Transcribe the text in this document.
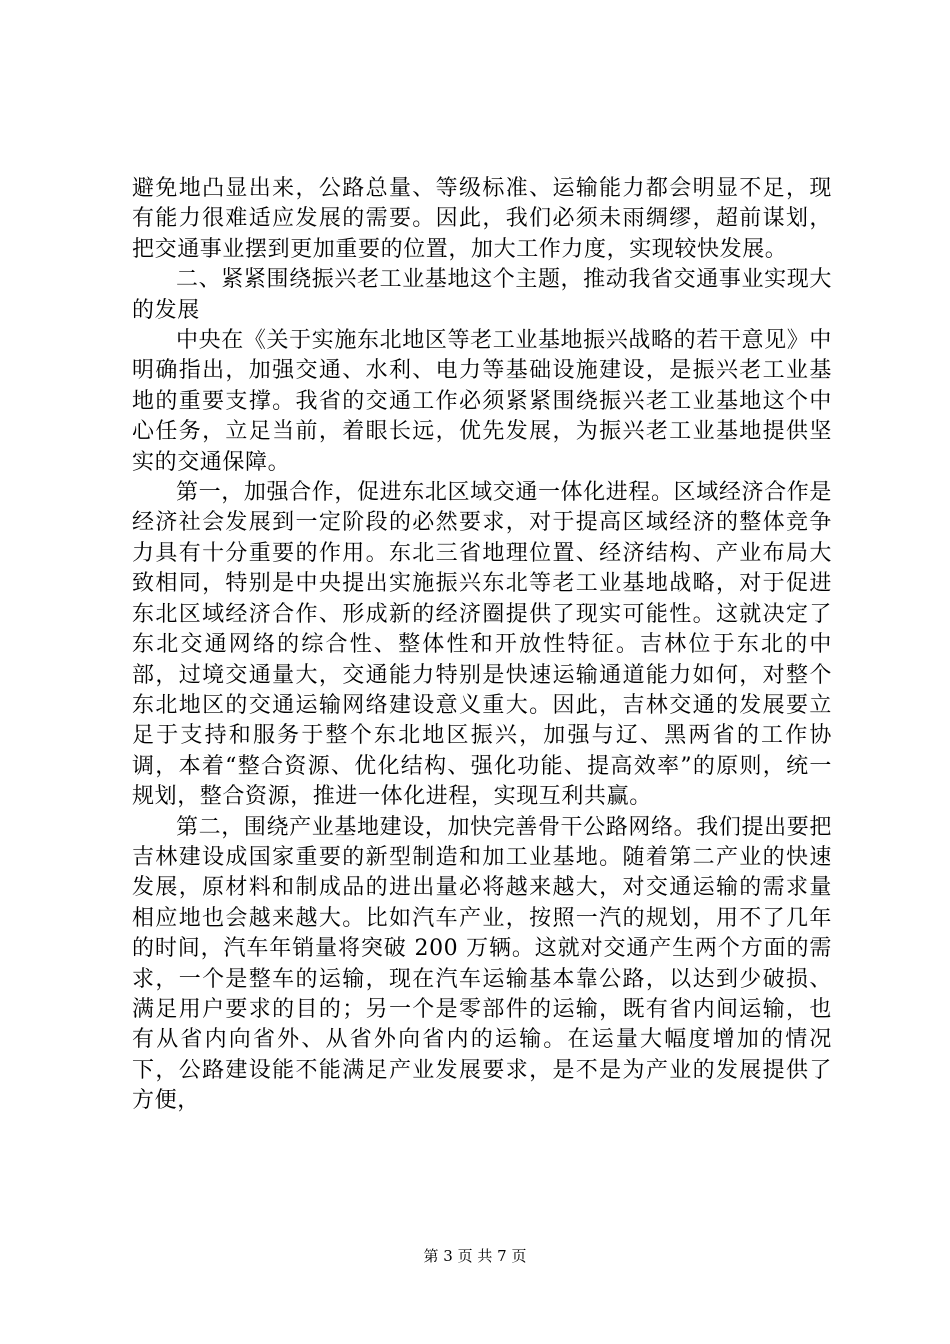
避免地凸显出来，公路总量、等级标准、运输能力都会明显不足，现有能力很难适应发展的需要。因此，我们必须未雨绸缪，超前谋划，把交通事业摆到更加重要的位置，加大工作力度，实现较快发展。

二、紧紧围绕振兴老工业基地这个主题，推动我省交通事业实现大的发展

中央在《关于实施东北地区等老工业基地振兴战略的若干意见》中明确指出，加强交通、水利、电力等基础设施建设，是振兴老工业基地的重要支撑。我省的交通工作必须紧紧围绕振兴老工业基地这个中心任务，立足当前，着眼长远，优先发展，为振兴老工业基地提供坚实的交通保障。

第一，加强合作，促进东北区域交通一体化进程。区域经济合作是经济社会发展到一定阶段的必然要求，对于提高区域经济的整体竞争力具有十分重要的作用。东北三省地理位置、经济结构、产业布局大致相同，特别是中央提出实施振兴东北等老工业基地战略，对于促进东北区域经济合作、形成新的经济圈提供了现实可能性。这就决定了东北交通网络的综合性、整体性和开放性特征。吉林位于东北的中部，过境交通量大，交通能力特别是快速运输通道能力如何，对整个东北地区的交通运输网络建设意义重大。因此，吉林交通的发展要立足于支持和服务于整个东北地区振兴，加强与辽、黑两省的工作协调，本着“整合资源、优化结构、强化功能、提高效率”的原则，统一规划，整合资源，推进一体化进程，实现互利共赢。

第二，围绕产业基地建设，加快完善骨干公路网络。我们提出要把吉林建设成国家重要的新型制造和加工业基地。随着第二产业的快速发展，原材料和制成品的进出量必将越来越大，对交通运输的需求量相应地也会越来越大。比如汽车产业，按照一汽的规划，用不了几年的时间，汽车年销量将突破 200 万辆。这就对交通产生两个方面的需求，一个是整车的运输，现在汽车运输基本靠公路，以达到少破损、满足用户要求的目的；另一个是零部件的运输，既有省内间运输，也有从省内向省外、从省外向省内的运输。在运量大幅度增加的情况下，公路建设能不能满足产业发展要求，是不是为产业的发展提供了方便，

第 3 页 共 7 页
